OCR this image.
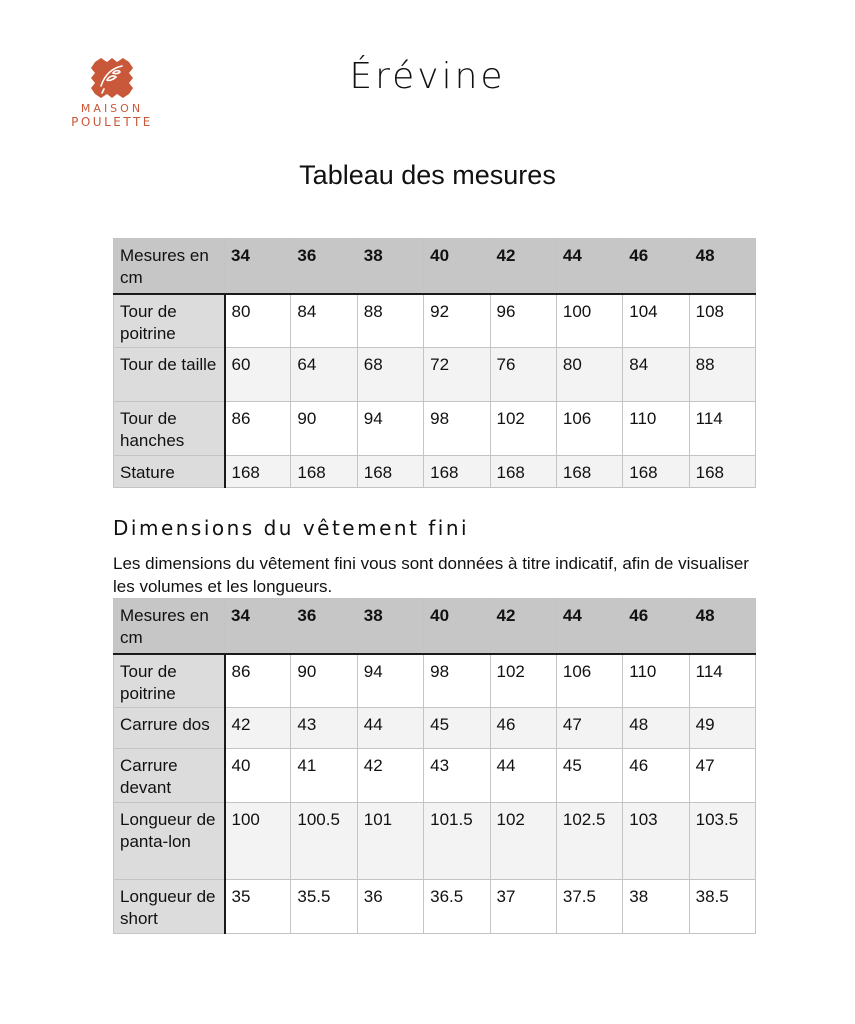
MAISON
POULETTE
Érévine
Tableau des mesures
Mesures en cm	34	36	38	40	42	44	46	48
Tour de poitrine	80	84	88	92	96	100	104	108
Tour de taille	60	64	68	72	76	80	84	88
Tour de hanches	86	90	94	98	102	106	110	114
Stature	168	168	168	168	168	168	168	168
Dimensions du vêtement fini
Les dimensions du vêtement fini vous sont données à titre indicatif, afin de visualiser les volumes et les longueurs.
Mesures en cm	34	36	38	40	42	44	46	48
Tour de poitrine	86	90	94	98	102	106	110	114
Carrure dos	42	43	44	45	46	47	48	49
Carrure devant	40	41	42	43	44	45	46	47
Longueur de panta-lon	100	100.5	101	101.5	102	102.5	103	103.5
Longueur de short	35	35.5	36	36.5	37	37.5	38	38.5
